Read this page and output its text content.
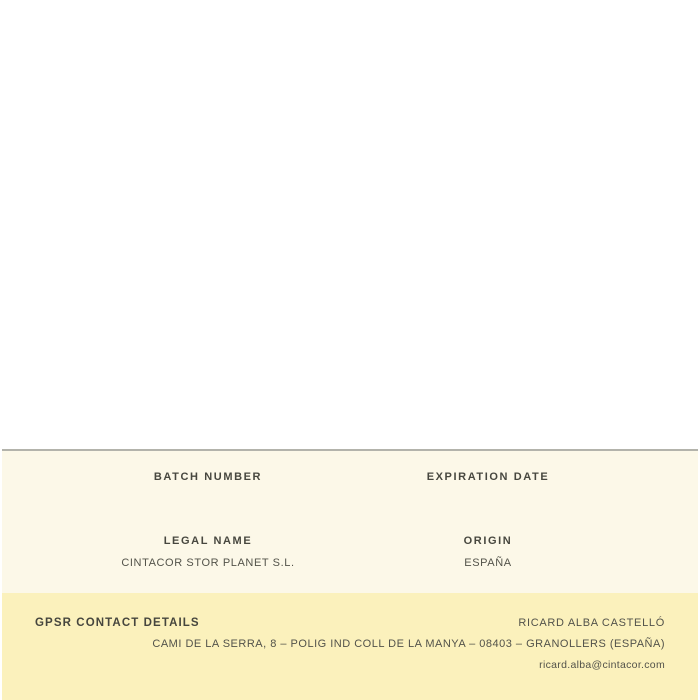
BATCH NUMBER	EXPIRATION DATE
LEGAL NAME
CINTACOR STOR PLANET S.L.
ORIGIN
ESPAÑA
GPSR CONTACT DETAILS	RICARD ALBA CASTELLÓ
CAMI DE LA SERRA, 8 – POLIG IND COLL DE LA MANYA – 08403 – GRANOLLERS (ESPAÑA)
ricard.alba@cintacor.com
